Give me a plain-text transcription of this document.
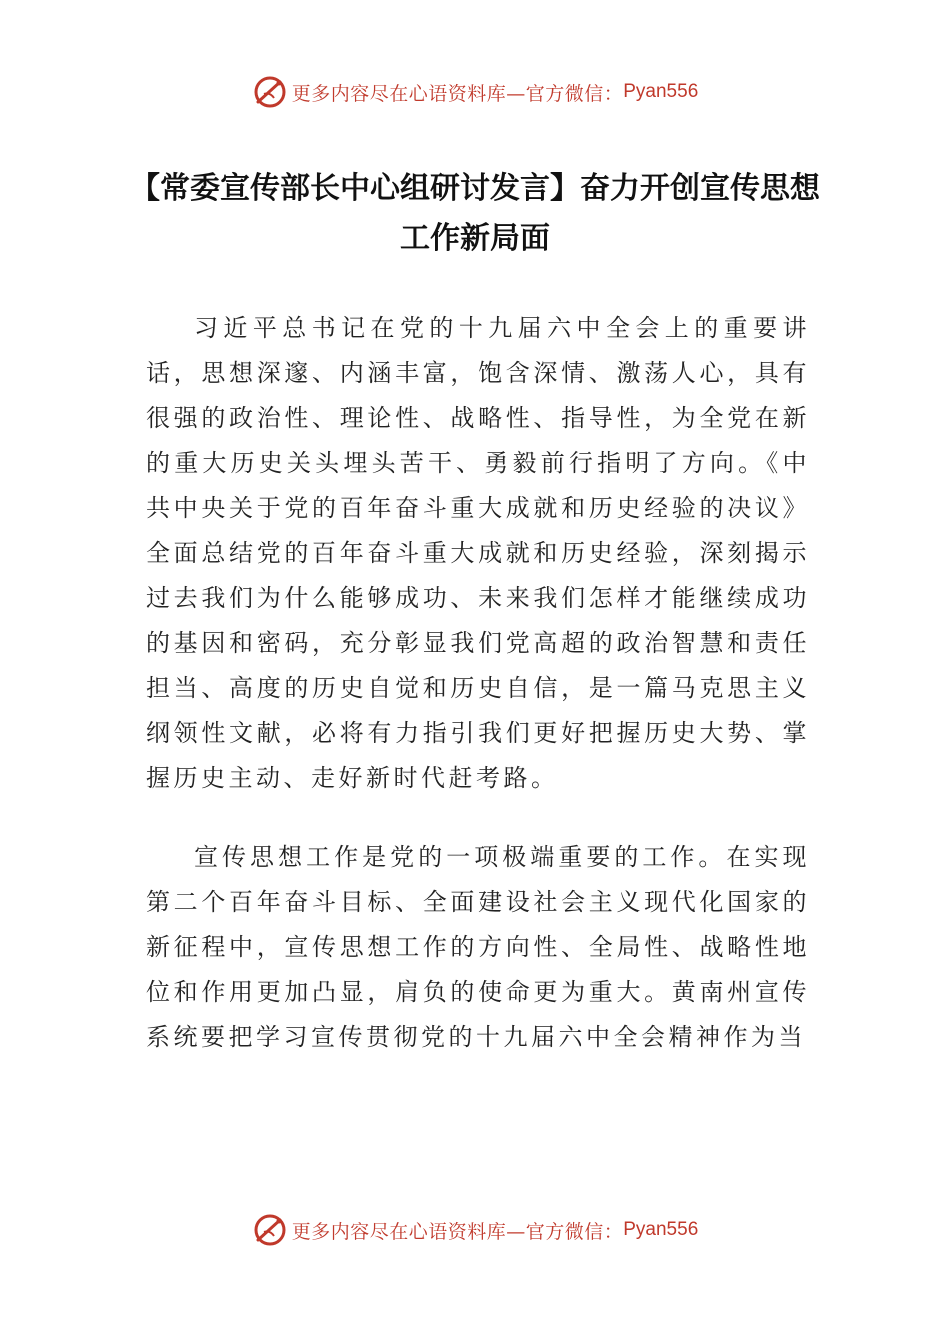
更多内容尽在心语资料库—官方微信： Pyan556
【常委宣传部长中心组研讨发言】奋力开创宣传思想工作新局面

习近平总书记在党的十九届六中全会上的重要讲话，思想深邃、内涵丰富，饱含深情、激荡人心，具有很强的政治性、理论性、战略性、指导性，为全党在新的重大历史关头埋头苦干、勇毅前行指明了方向。《中共中央关于党的百年奋斗重大成就和历史经验的决议》全面总结党的百年奋斗重大成就和历史经验，深刻揭示过去我们为什么能够成功、未来我们怎样才能继续成功的基因和密码，充分彰显我们党高超的政治智慧和责任担当、高度的历史自觉和历史自信，是一篇马克思主义纲领性文献，必将有力指引我们更好把握历史大势、掌握历史主动、走好新时代赶考路。

宣传思想工作是党的一项极端重要的工作。在实现第二个百年奋斗目标、全面建设社会主义现代化国家的新征程中，宣传思想工作的方向性、全局性、战略性地位和作用更加凸显，肩负的使命更为重大。黄南州宣传系统要把学习宣传贯彻党的十九届六中全会精神作为当

更多内容尽在心语资料库—官方微信： Pyan556
